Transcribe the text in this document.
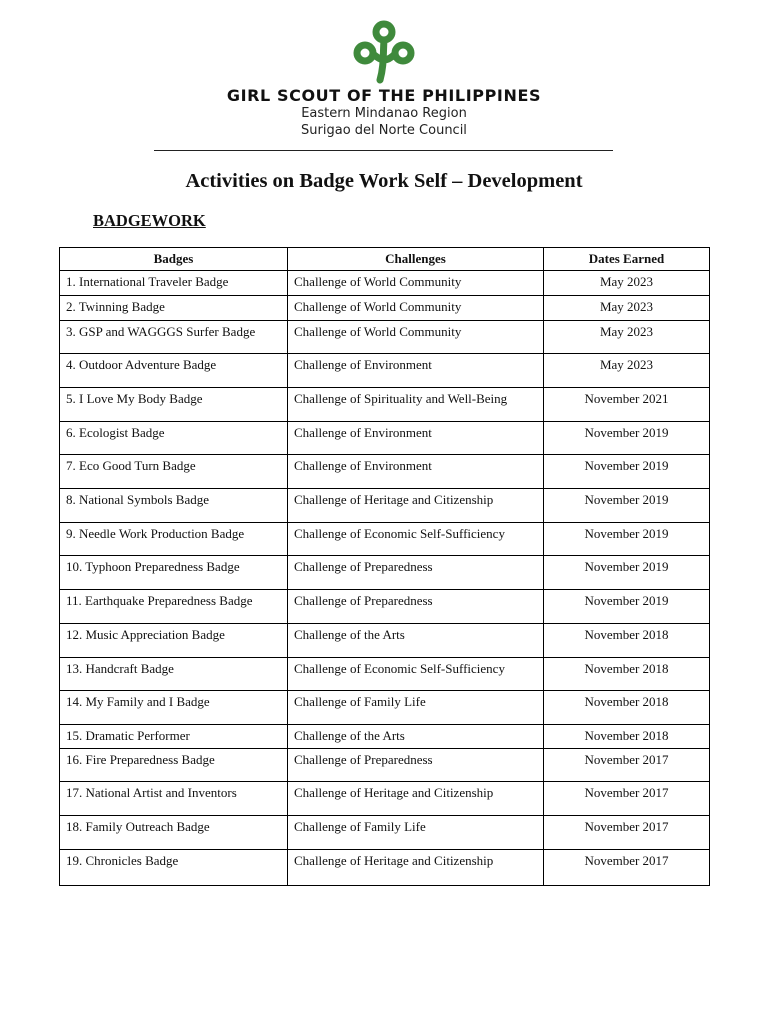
GIRL SCOUT OF THE PHILIPPINES
Eastern Mindanao Region
Surigao del Norte Council
Activities on Badge Work Self – Development
BADGEWORK
Badges	Challenges	Dates Earned
1. International Traveler Badge	Challenge of World Community	May 2023
2. Twinning Badge	Challenge of World Community	May 2023
3. GSP and WAGGGS Surfer Badge	Challenge of World Community	May 2023
4. Outdoor Adventure Badge	Challenge of Environment	May 2023
5. I Love My Body Badge	Challenge of Spirituality and Well-Being	November 2021
6. Ecologist Badge	Challenge of Environment	November 2019
7. Eco Good Turn Badge	Challenge of Environment	November 2019
8. National Symbols Badge	Challenge of Heritage and Citizenship	November 2019
9. Needle Work Production Badge	Challenge of Economic Self-Sufficiency	November 2019
10. Typhoon Preparedness Badge	Challenge of Preparedness	November 2019
11. Earthquake Preparedness Badge	Challenge of Preparedness	November 2019
12. Music Appreciation Badge	Challenge of the Arts	November 2018
13. Handcraft Badge	Challenge of Economic Self-Sufficiency	November 2018
14. My Family and I Badge	Challenge of Family Life	November 2018
15. Dramatic Performer	Challenge of the Arts	November 2018
16. Fire Preparedness Badge	Challenge of Preparedness	November 2017
17. National Artist and Inventors	Challenge of Heritage and Citizenship	November 2017
18. Family Outreach Badge	Challenge of Family Life	November 2017
19. Chronicles Badge	Challenge of Heritage and Citizenship	November 2017
